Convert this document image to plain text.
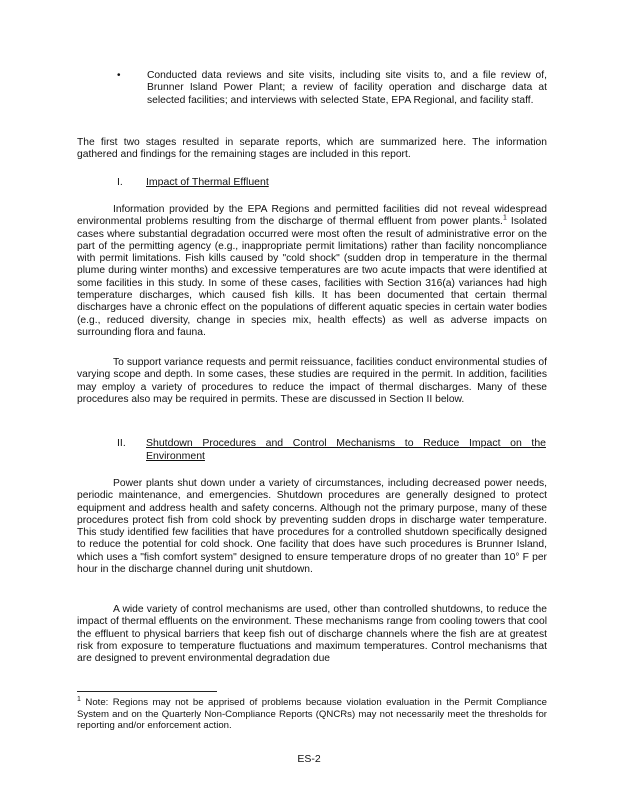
•	Conducted data reviews and site visits, including site visits to, and a file review of, Brunner Island Power Plant; a review of facility operation and discharge data at selected facilities; and interviews with selected State, EPA Regional, and facility staff.
The first two stages resulted in separate reports, which are summarized here. The information gathered and findings for the remaining stages are included in this report.
I. Impact of Thermal Effluent
Information provided by the EPA Regions and permitted facilities did not reveal widespread environmental problems resulting from the discharge of thermal effluent from power plants.$^1$ Isolated cases where substantial degradation occurred were most often the result of administrative error on the part of the permitting agency (e.g., inappropriate permit limitations) rather than facility noncompliance with permit limitations. Fish kills caused by "cold shock" (sudden drop in temperature in the thermal plume during winter months) and excessive temperatures are two acute impacts that were identified at some facilities in this study. In some of these cases, facilities with Section 316(a) variances had high temperature discharges, which caused fish kills. It has been documented that certain thermal discharges have a chronic effect on the populations of different aquatic species in certain water bodies (e.g., reduced diversity, change in species mix, health effects) as well as adverse impacts on surrounding flora and fauna.
To support variance requests and permit reissuance, facilities conduct environmental studies of varying scope and depth. In some cases, these studies are required in the permit. In addition, facilities may employ a variety of procedures to reduce the impact of thermal discharges. Many of these procedures also may be required in permits. These are discussed in Section II below.
II. Shutdown Procedures and Control Mechanisms to Reduce Impact on the Environment
Power plants shut down under a variety of circumstances, including decreased power needs, periodic maintenance, and emergencies. Shutdown procedures are generally designed to protect equipment and address health and safety concerns. Although not the primary purpose, many of these procedures protect fish from cold shock by preventing sudden drops in discharge water temperature. This study identified few facilities that have procedures for a controlled shutdown specifically designed to reduce the potential for cold shock. One facility that does have such procedures is Brunner Island, which uses a "fish comfort system" designed to ensure temperature drops of no greater than 10° F per hour in the discharge channel during unit shutdown.
A wide variety of control mechanisms are used, other than controlled shutdowns, to reduce the impact of thermal effluents on the environment. These mechanisms range from cooling towers that cool the effluent to physical barriers that keep fish out of discharge channels where the fish are at greatest risk from exposure to temperature fluctuations and maximum temperatures. Control mechanisms that are designed to prevent environmental degradation due
$^1$ Note: Regions may not be apprised of problems because violation evaluation in the Permit Compliance System and on the Quarterly Non-Compliance Reports (QNCRs) may not necessarily meet the thresholds for reporting and/or enforcement action.
ES-2
